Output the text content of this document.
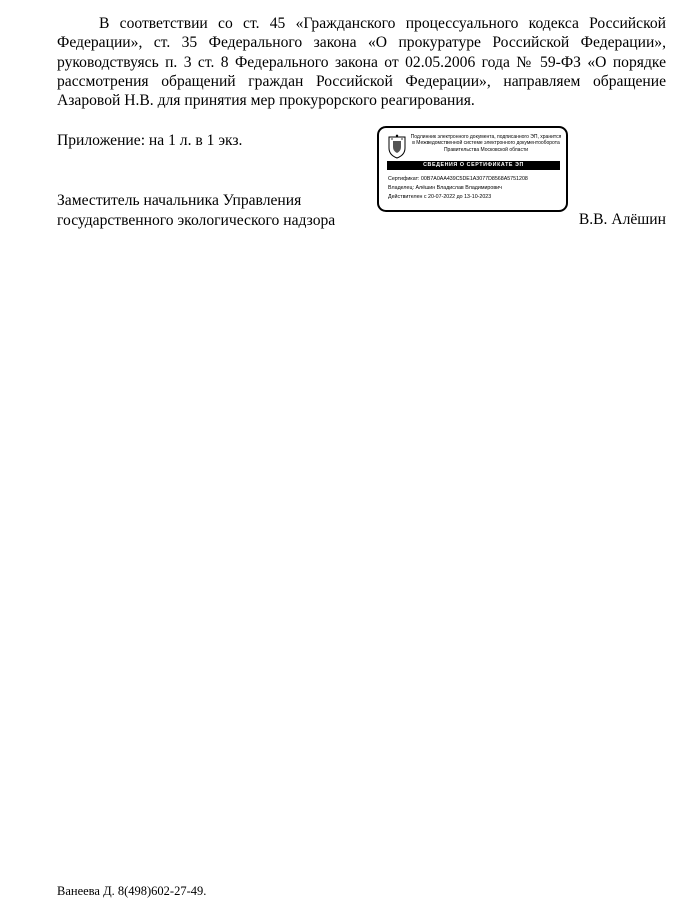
В соответствии со ст. 45 «Гражданского процессуального кодекса Российской Федерации», ст. 35 Федерального закона «О прокуратуре Российской Федерации», руководствуясь п. 3 ст. 8 Федерального закона от 02.05.2006 года № 59-ФЗ «О порядке рассмотрения обращений граждан Российской Федерации», направляем обращение Азаровой Н.В. для принятия мер прокурорского реагирования.

Приложение: на 1 л. в 1 экз.

Заместитель начальника Управления
государственного экологического надзора	В.В. Алёшин
Подлинник электронного документа, подписанного ЭП, хранится в Межведомственной системе электронного документооборота Правительства Московской области
СВЕДЕНИЯ О СЕРТИФИКАТЕ ЭП
Сертификат: 00B7A0AA439C5DE1A3077D8568A5751208
Владелец: Алёшин Владислав Владимирович
Действителен с 20-07-2022 до 13-10-2023

Ванеева Д. 8(498)602-27-49.
